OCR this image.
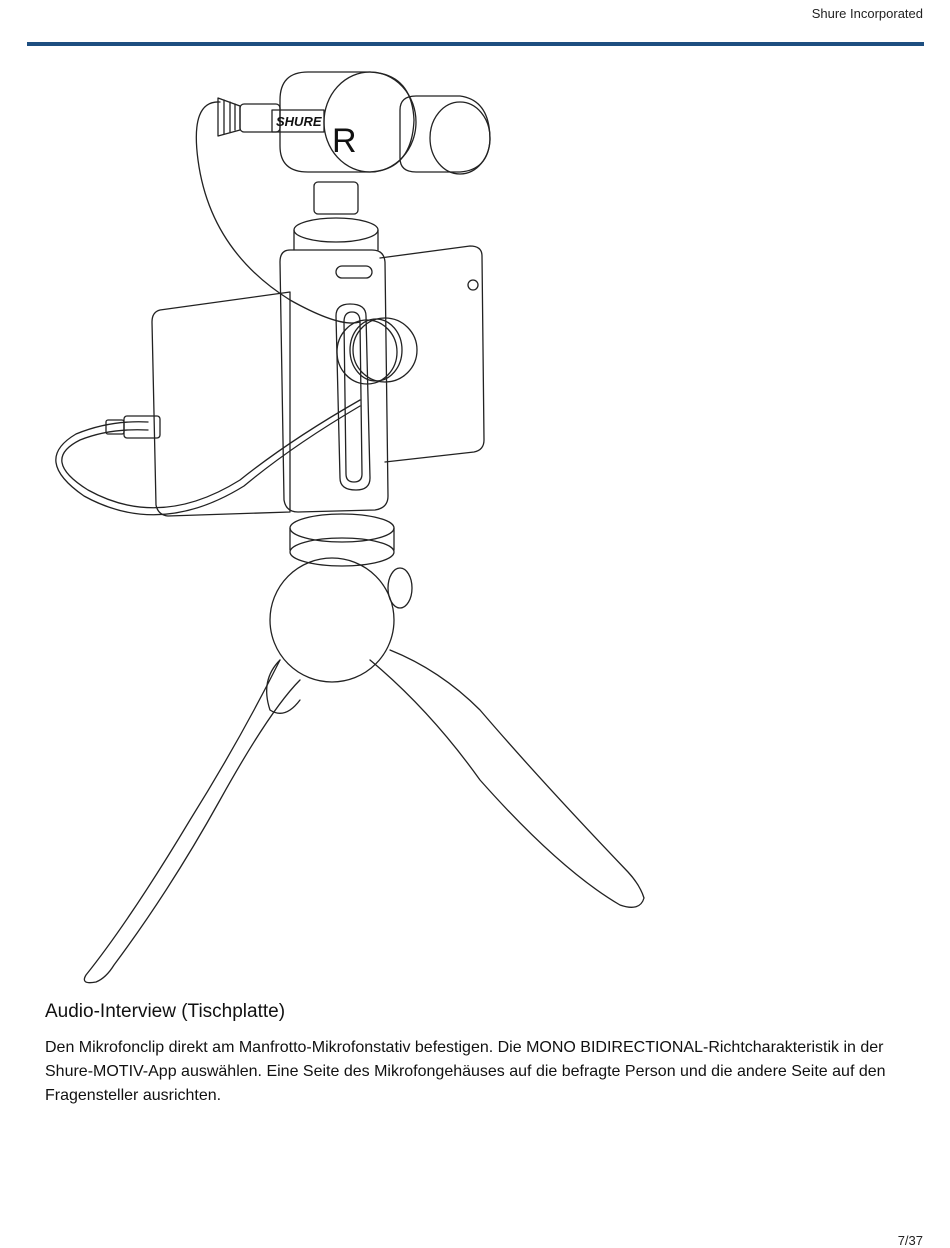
Shure Incorporated
SHURE
R
Audio-Interview (Tischplatte)

Den Mikrofonclip direkt am Manfrotto-Mikrofonstativ befestigen. Die MONO BIDIRECTIONAL-Richtcharakteristik in der Shure-MOTIV-App auswählen. Eine Seite des Mikrofongehäuses auf die befragte Person und die andere Seite auf den Fragensteller ausrichten.

7/37
